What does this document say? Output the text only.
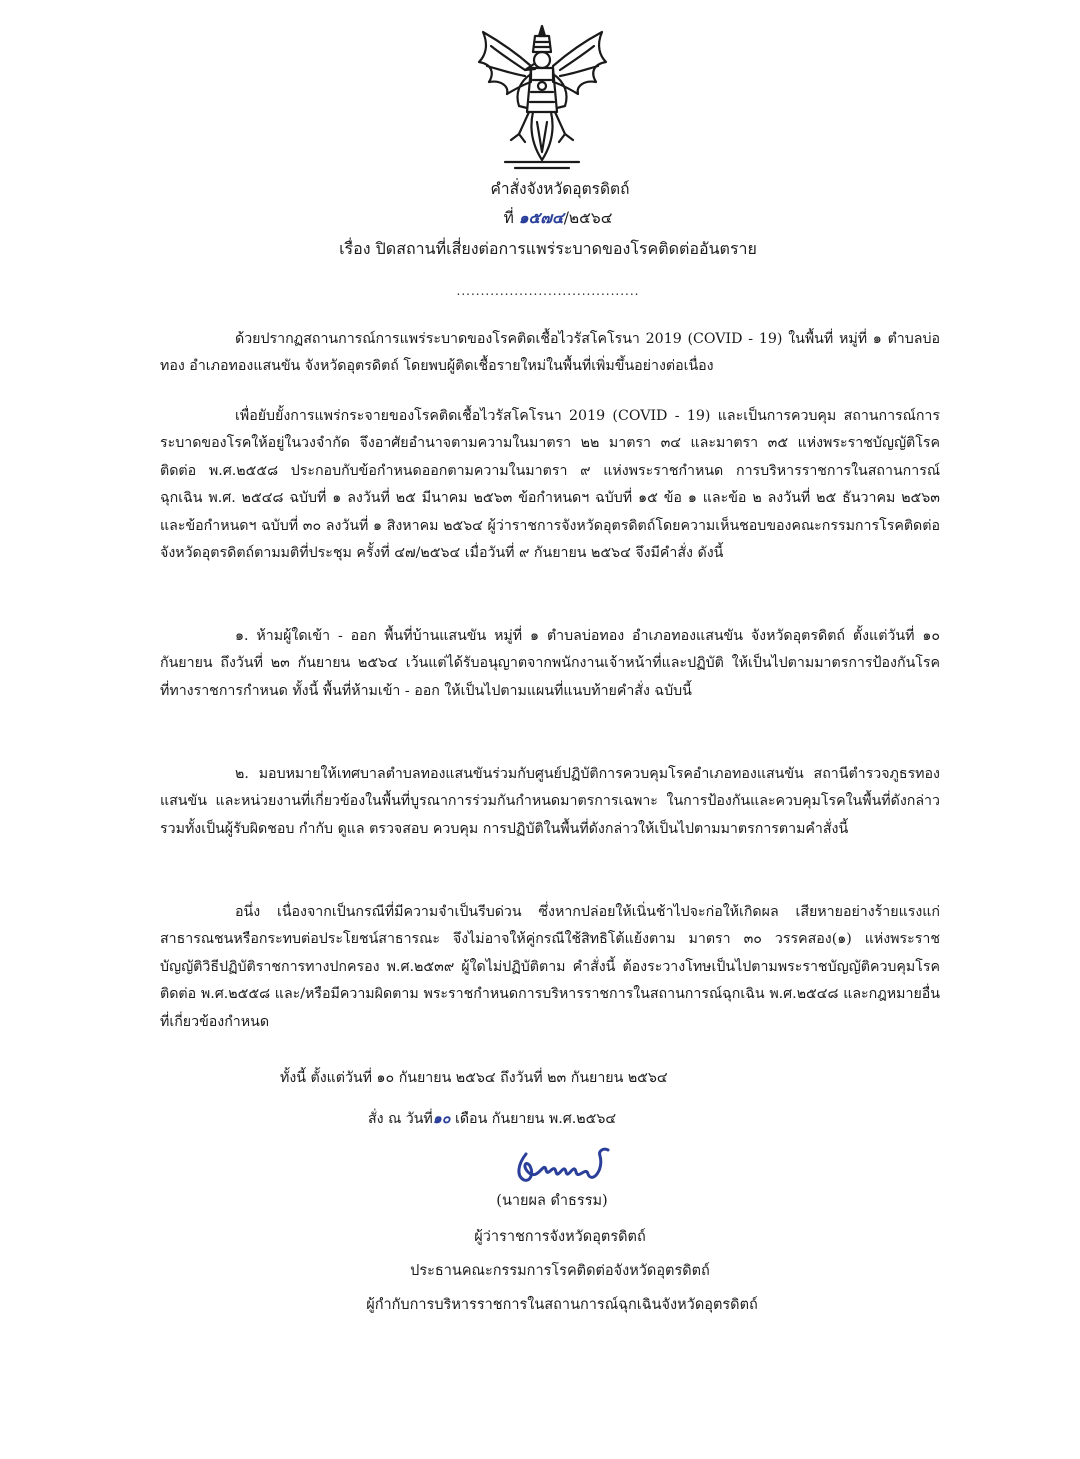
คำสั่งจังหวัดอุตรดิตถ์
ที่ ๑๕๗๔/๒๕๖๔
เรื่อง ปิดสถานที่เสี่ยงต่อการแพร่ระบาดของโรคติดต่ออันตราย
......................................

ด้วยปรากฏสถานการณ์การแพร่ระบาดของโรคติดเชื้อไวรัสโคโรนา 2019 (COVID - 19) ในพื้นที่ หมู่ที่ ๑ ตำบลบ่อทอง อำเภอทองแสนขัน จังหวัดอุตรดิตถ์ โดยพบผู้ติดเชื้อรายใหม่ในพื้นที่เพิ่มขึ้นอย่างต่อเนื่อง

เพื่อยับยั้งการแพร่กระจายของโรคติดเชื้อไวรัสโคโรนา 2019 (COVID - 19) และเป็นการควบคุม สถานการณ์การระบาดของโรคให้อยู่ในวงจำกัด จึงอาศัยอำนาจตามความในมาตรา ๒๒ มาตรา ๓๔ และมาตรา ๓๕ แห่งพระราชบัญญัติโรคติดต่อ พ.ศ.๒๕๕๘ ประกอบกับข้อกำหนดออกตามความในมาตรา ๙ แห่งพระราชกำหนด การบริหารราชการในสถานการณ์ฉุกเฉิน พ.ศ. ๒๕๔๘ ฉบับที่ ๑ ลงวันที่ ๒๕ มีนาคม ๒๕๖๓ ข้อกำหนดฯ ฉบับที่ ๑๕ ข้อ ๑ และข้อ ๒ ลงวันที่ ๒๕ ธันวาคม ๒๕๖๓ และข้อกำหนดฯ ฉบับที่ ๓๐ ลงวันที่ ๑ สิงหาคม ๒๕๖๔ ผู้ว่าราชการจังหวัดอุตรดิตถ์โดยความเห็นชอบของคณะกรรมการโรคติดต่อจังหวัดอุตรดิตถ์ตามมติที่ประชุม ครั้งที่ ๔๗/๒๕๖๔ เมื่อวันที่ ๙ กันยายน ๒๕๖๔ จึงมีคำสั่ง ดังนี้

๑. ห้ามผู้ใดเข้า - ออก พื้นที่บ้านแสนขัน หมู่ที่ ๑ ตำบลบ่อทอง อำเภอทองแสนขัน จังหวัดอุตรดิตถ์ ตั้งแต่วันที่ ๑๐ กันยายน ถึงวันที่ ๒๓ กันยายน ๒๕๖๔ เว้นแต่ได้รับอนุญาตจากพนักงานเจ้าหน้าที่และปฏิบัติ ให้เป็นไปตามมาตรการป้องกันโรคที่ทางราชการกำหนด ทั้งนี้ พื้นที่ห้ามเข้า - ออก ให้เป็นไปตามแผนที่แนบท้ายคำสั่ง ฉบับนี้

๒. มอบหมายให้เทศบาลตำบลทองแสนขันร่วมกับศูนย์ปฏิบัติการควบคุมโรคอำเภอทองแสนขัน สถานีตำรวจภูธรทองแสนขัน และหน่วยงานที่เกี่ยวข้องในพื้นที่บูรณาการร่วมกันกำหนดมาตรการเฉพาะ ในการป้องกันและควบคุมโรคในพื้นที่ดังกล่าว รวมทั้งเป็นผู้รับผิดชอบ กำกับ ดูแล ตรวจสอบ ควบคุม การปฏิบัติในพื้นที่ดังกล่าวให้เป็นไปตามมาตรการตามคำสั่งนี้

อนึ่ง เนื่องจากเป็นกรณีที่มีความจำเป็นรีบด่วน ซึ่งหากปล่อยให้เนิ่นช้าไปจะก่อให้เกิดผล เสียหายอย่างร้ายแรงแก่สาธารณชนหรือกระทบต่อประโยชน์สาธารณะ จึงไม่อาจให้คู่กรณีใช้สิทธิโต้แย้งตาม มาตรา ๓๐ วรรคสอง(๑) แห่งพระราชบัญญัติวิธีปฏิบัติราชการทางปกครอง พ.ศ.๒๕๓๙ ผู้ใดไม่ปฏิบัติตาม คำสั่งนี้ ต้องระวางโทษเป็นไปตามพระราชบัญญัติควบคุมโรคติดต่อ พ.ศ.๒๕๕๘ และ/หรือมีความผิดตาม พระราชกำหนดการบริหารราชการในสถานการณ์ฉุกเฉิน พ.ศ.๒๕๔๘ และกฎหมายอื่นที่เกี่ยวข้องกำหนด

ทั้งนี้ ตั้งแต่วันที่ ๑๐ กันยายน ๒๕๖๔ ถึงวันที่ ๒๓ กันยายน ๒๕๖๔

สั่ง ณ วันที่๑๐ เดือน กันยายน พ.ศ.๒๕๖๔
(นายผล ดำธรรม)
ผู้ว่าราชการจังหวัดอุตรดิตถ์
ประธานคณะกรรมการโรคติดต่อจังหวัดอุตรดิตถ์
ผู้กำกับการบริหารราชการในสถานการณ์ฉุกเฉินจังหวัดอุตรดิตถ์
